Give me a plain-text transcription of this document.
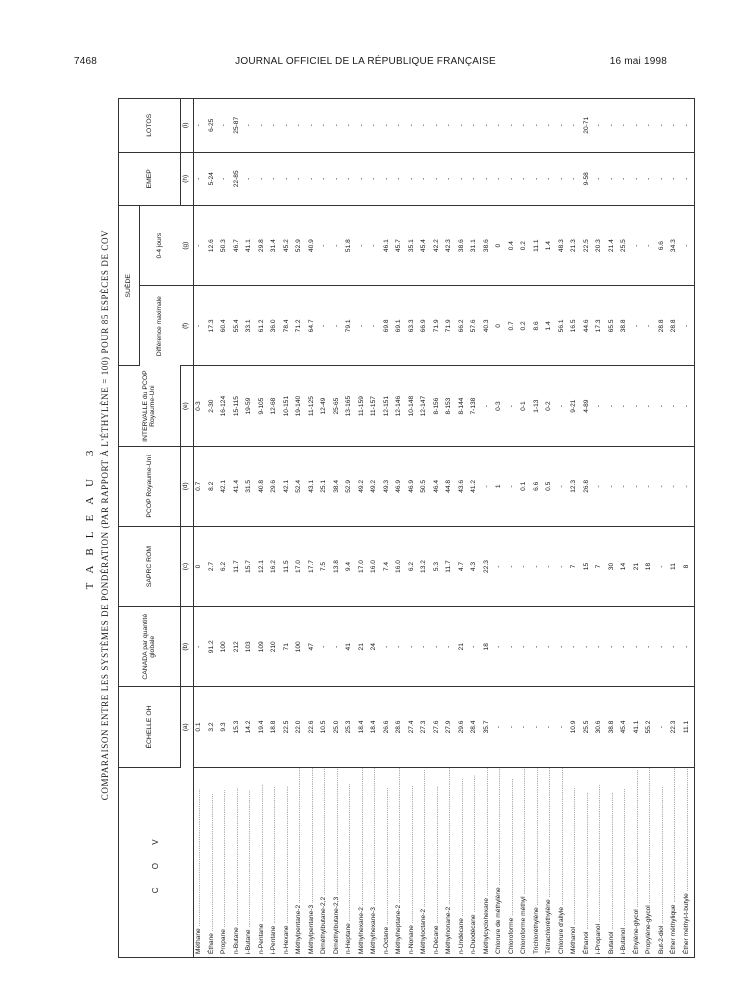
7468	JOURNAL OFFICIEL DE LA RÉPUBLIQUE FRANÇAISE	16 mai 1998
TABLEAU 3 COMPARAISON ENTRE LES SYSTÈMES DE PONDÉRATION (PAR RAPPORT À L'ÉTHYLÈNE = 100) POUR 85 ESPÈCES DE COV
C O V	ÉCHELLE OH	CANADA par quantité globale	SAPRC ROM	PCOP Royaume-Uni	INTERVALLE du PCOP Royaume-Uni	SUÈDE		EMEP	LOTOS
						Différence maximale	0-4 jours		
	(a)	(b)	(c)	(d)	(e)	(f)	(g)	(h)	(i)
Méthane .....	0.1	-	0	0.7	0-3	-	-	-	-
Éthane .....	3.2	91.2	2.7	8.2	2-30	17.3	12.6	5-24	6-25
Propane .....	9.3	100	6.2	42.1	16-124	60.4	50.3	-	-
n-Butane .....	15.3	212	11.7	41.4	15-115	55.4	46.7	22-85	25-87
i-Butane .....	14.2	103	15.7	31.5	19-59	33.1	41.1	-	-
n-Pentane .....	19.4	109	12.1	40.8	9-105	61.2	29.8	-	-
i-Pentane .....	18.8	210	16.2	29.6	12-68	36.0	31.4	-	-
n-Hexane .....	22.5	71	11.5	42.1	10-151	78.4	45.2	-	-
Méthylpentane-2 .....	22.0	100	17.0	52.4	19-140	71.2	52.9	-	-
Méthylpentane-3 .....	22.6	47	17.7	43.1	11-125	64.7	40.9	-	-
Diméthylbutane-2,2 .....	10.5	-	7.5	25.1	12-49	-	-	-	-
Diméthylbutane-2,3 .....	25.0	-	13.8	38.4	25-65	-	-	-	-
n-Heptane .....	25.3	41	9.4	52.9	13-165	79.1	51.8	-	-
Méthylhexane-2 .....	18.4	21	17.0	49.2	11-159	-	-	-	-
Méthylhexane-3 .....	18.4	24	16.0	49.2	11-157	-	-	-	-
n-Octane .....	26.6	-	7.4	49.3	12-151	69.8	46.1	-	-
Méthylheptane-2 .....	28.6	-	16.0	46.9	12-146	69.1	45.7	-	-
n-Nonane .....	27.4	-	6.2	46.9	10-148	63.3	35.1	-	-
Méthyloctane-2 .....	27.3	-	13.2	50.5	12-147	66.9	45.4	-	-
n-Décane .....	27.6	-	5.3	46.4	8-156	71.9	42.2	-	-
Méthylnonane-2 .....	27.9	-	11.7	44.8	8-153	71.9	42.3	-	-
n-Undécane .....	29.6	21	4.7	43.6	8-144	66.2	38.6	-	-
n-Duodécane .....	28.4	-	4.3	41.2	7-138	57.6	31.1	-	-
Méthylcyclohexane .....	35.7	18	22.3	-	-	40.3	38.6	-	-
Chlorure de méthylène .....	-	-	-	1	0-3	0	0	-	-
Chloroforme .....	-	-	-	-	-	0.7	0.4	-	-
Chloroforme méthyl .....	-	-	-	0.1	0-1	0.2	0.2	-	-
Trichloréthylène .....	-	-	-	6.6	1-13	8.6	11.1	-	-
Tétrachloréthylène .....	-	-	-	0.5	0-2	1.4	1.4	-	-
Chlorure d'allyle .....	-	-	-	-	-	56.1	48.3	-	-
Méthanol .....	10.9	-	7	12.3	9-21	16.5	21.3	-	-
Éthanol .....	25.5	-	15	26.8	4-89	44.6	22.5	9-58	20-71
i-Propanol .....	30.6	-	7	-	-	17.3	20.3	-	-
Butanol .....	38.8	-	30	-	-	65.5	21.4	-	-
i-Butanol .....	45.4	-	14	-	-	38.8	25.5	-	-
Éthylène-glycol .....	41.1	-	21	-	-	-	-	-	-
Propylène-glycol .....	55.2	-	18	-	-	-	-	-	-
But-2-diol .....	-	-	-	-	-	28.8	6.6	-	-
Éther méthylique .....	22.3	-	11	-	-	28.8	34.3	-	-
Éther méthyl-t-butyle .....	11.1	-	8	-	-	-	-	-	-
